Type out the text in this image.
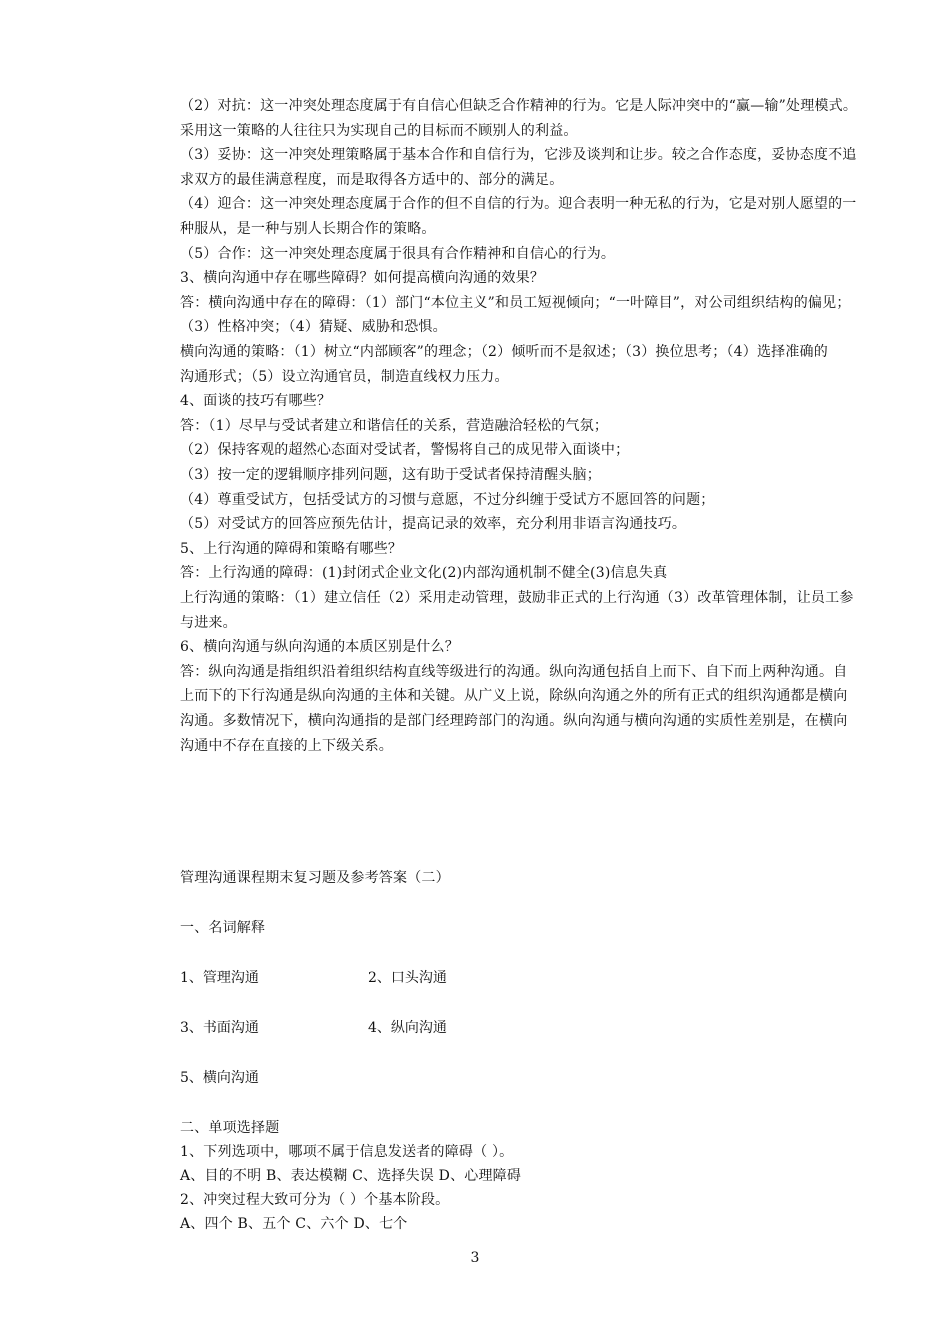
（2）对抗：这一冲突处理态度属于有自信心但缺乏合作精神的行为。它是人际冲突中的“赢—输”处理模式。
采用这一策略的人往往只为实现自己的目标而不顾别人的利益。
（3）妥协：这一冲突处理策略属于基本合作和自信行为，它涉及谈判和让步。较之合作态度，妥协态度不追
求双方的最佳满意程度，而是取得各方适中的、部分的满足。
（4）迎合：这一冲突处理态度属于合作的但不自信的行为。迎合表明一种无私的行为，它是对别人愿望的一
种服从，是一种与别人长期合作的策略。
（5）合作：这一冲突处理态度属于很具有合作精神和自信心的行为。
3、横向沟通中存在哪些障碍？如何提高横向沟通的效果？
答：横向沟通中存在的障碍：（1）部门“本位主义”和员工短视倾向；“一叶障目”，对公司组织结构的偏见；
（3）性格冲突；（4）猜疑、威胁和恐惧。
横向沟通的策略：（1）树立“内部顾客”的理念；（2）倾听而不是叙述；（3）换位思考；（4）选择准确的
沟通形式；（5）设立沟通官员，制造直线权力压力。
4、面谈的技巧有哪些？
答：（1）尽早与受试者建立和谐信任的关系，营造融洽轻松的气氛；
（2）保持客观的超然心态面对受试者，警惕将自己的成见带入面谈中；
（3）按一定的逻辑顺序排列问题，这有助于受试者保持清醒头脑；
（4）尊重受试方，包括受试方的习惯与意愿，不过分纠缠于受试方不愿回答的问题；
（5）对受试方的回答应预先估计，提高记录的效率，充分利用非语言沟通技巧。
5、上行沟通的障碍和策略有哪些？
答：上行沟通的障碍：(1)封闭式企业文化(2)内部沟通机制不健全(3)信息失真
上行沟通的策略：（1）建立信任（2）采用走动管理，鼓励非正式的上行沟通（3）改革管理体制，让员工参
与进来。
6、横向沟通与纵向沟通的本质区别是什么？
答：纵向沟通是指组织沿着组织结构直线等级进行的沟通。纵向沟通包括自上而下、自下而上两种沟通。自
上而下的下行沟通是纵向沟通的主体和关键。从广义上说，除纵向沟通之外的所有正式的组织沟通都是横向
沟通。多数情况下，横向沟通指的是部门经理跨部门的沟通。纵向沟通与横向沟通的实质性差别是，在横向
沟通中不存在直接的上下级关系。
管理沟通课程期末复习题及参考答案（二）
一、名词解释
1、管理沟通	2、口头沟通
3、书面沟通	4、纵向沟通
5、横向沟通
二、单项选择题
1、下列选项中，哪项不属于信息发送者的障碍（ ）。
A、目的不明 B、表达模糊 C、选择失误 D、心理障碍
2、冲突过程大致可分为（ ）个基本阶段。
A、四个 B、五个 C、六个 D、七个
3
